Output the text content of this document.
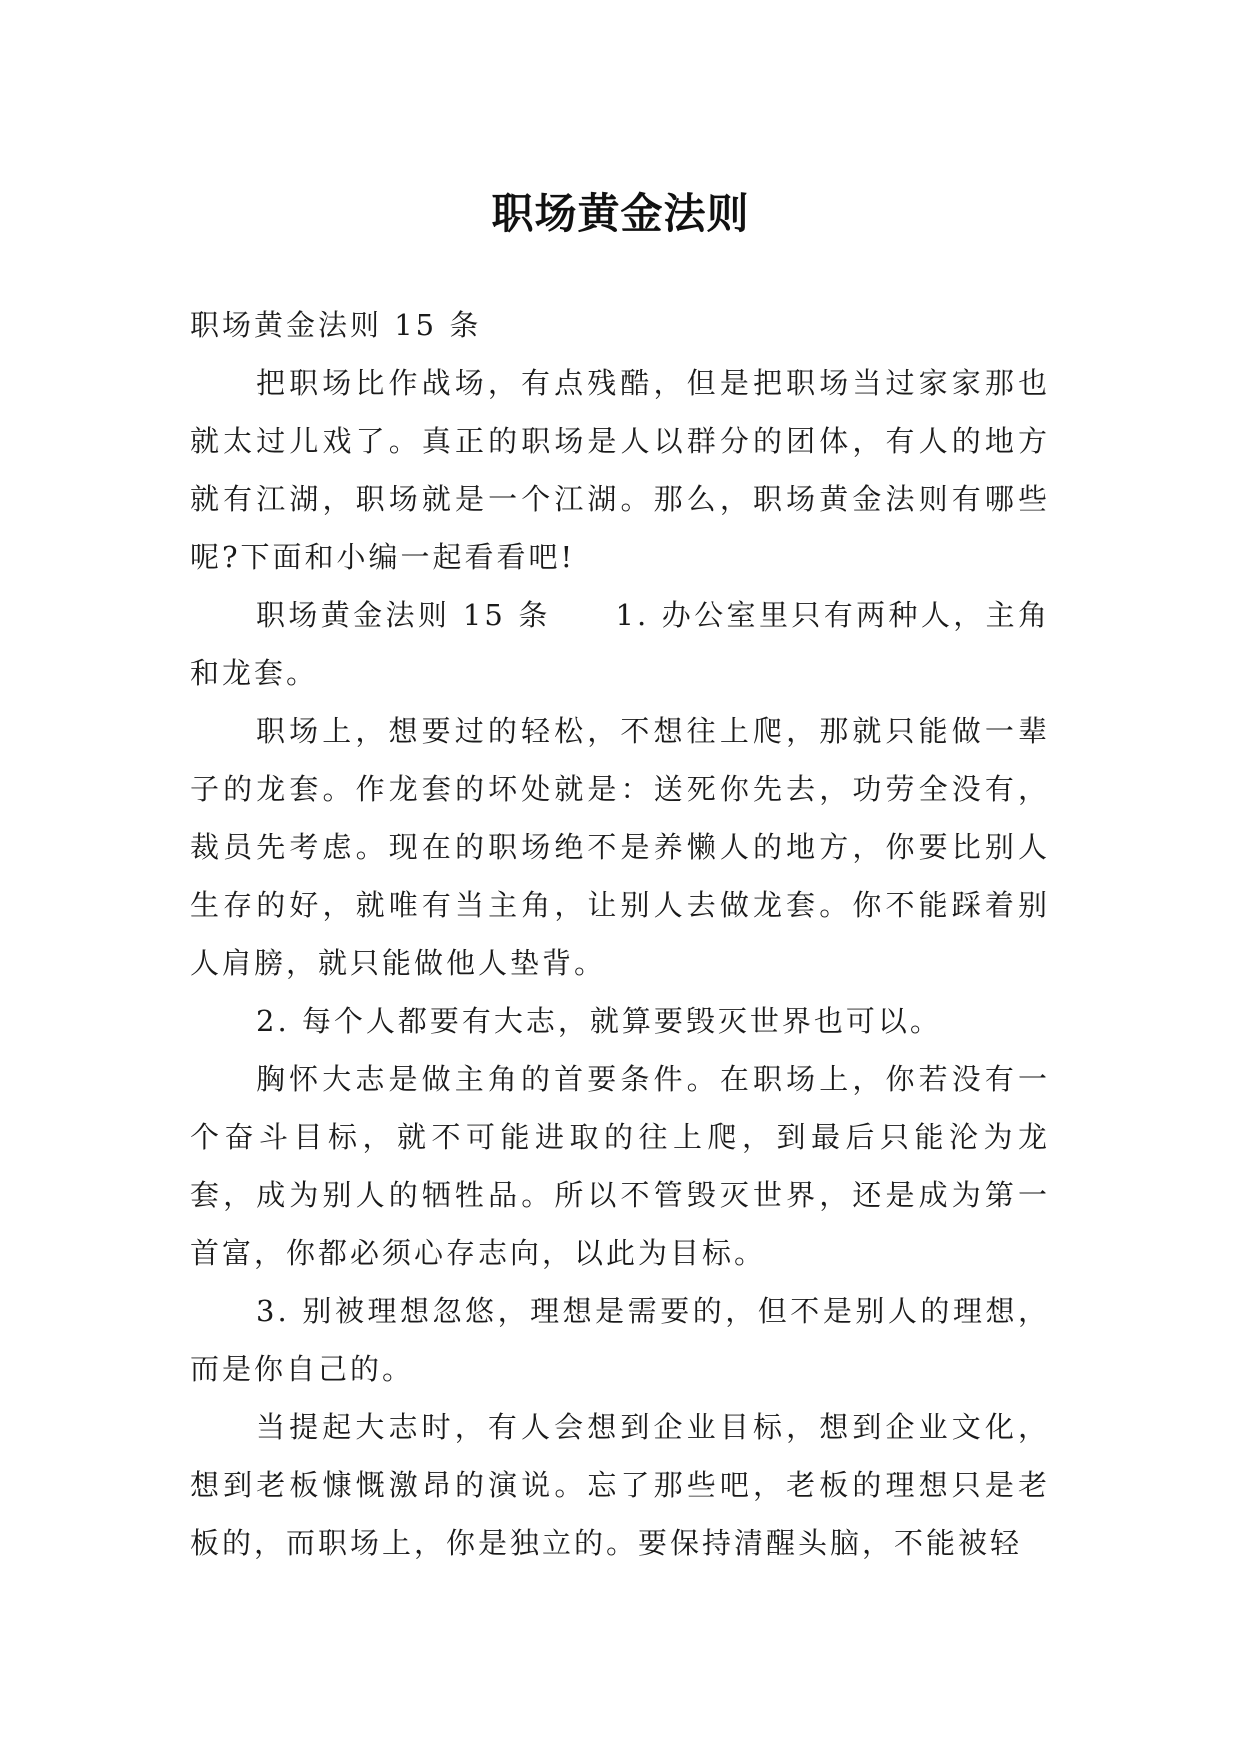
职场黄金法则

职场黄金法则 15 条

把职场比作战场，有点残酷，但是把职场当过家家那也就太过儿戏了。真正的职场是人以群分的团体，有人的地方就有江湖，职场就是一个江湖。那么，职场黄金法则有哪些呢?下面和小编一起看看吧!

职场黄金法则 15 条　　1. 办公室里只有两种人，主角和龙套。

职场上，想要过的轻松，不想往上爬，那就只能做一辈子的龙套。作龙套的坏处就是：送死你先去，功劳全没有，裁员先考虑。现在的职场绝不是养懒人的地方，你要比别人生存的好，就唯有当主角，让别人去做龙套。你不能踩着别人肩膀，就只能做他人垫背。

2. 每个人都要有大志，就算要毁灭世界也可以。

胸怀大志是做主角的首要条件。在职场上，你若没有一个奋斗目标，就不可能进取的往上爬，到最后只能沦为龙套，成为别人的牺牲品。所以不管毁灭世界，还是成为第一首富，你都必须心存志向，以此为目标。

3. 别被理想忽悠，理想是需要的，但不是别人的理想，而是你自己的。

当提起大志时，有人会想到企业目标，想到企业文化，想到老板慷慨激昂的演说。忘了那些吧，老板的理想只是老板的，而职场上，你是独立的。要保持清醒头脑，不能被轻
